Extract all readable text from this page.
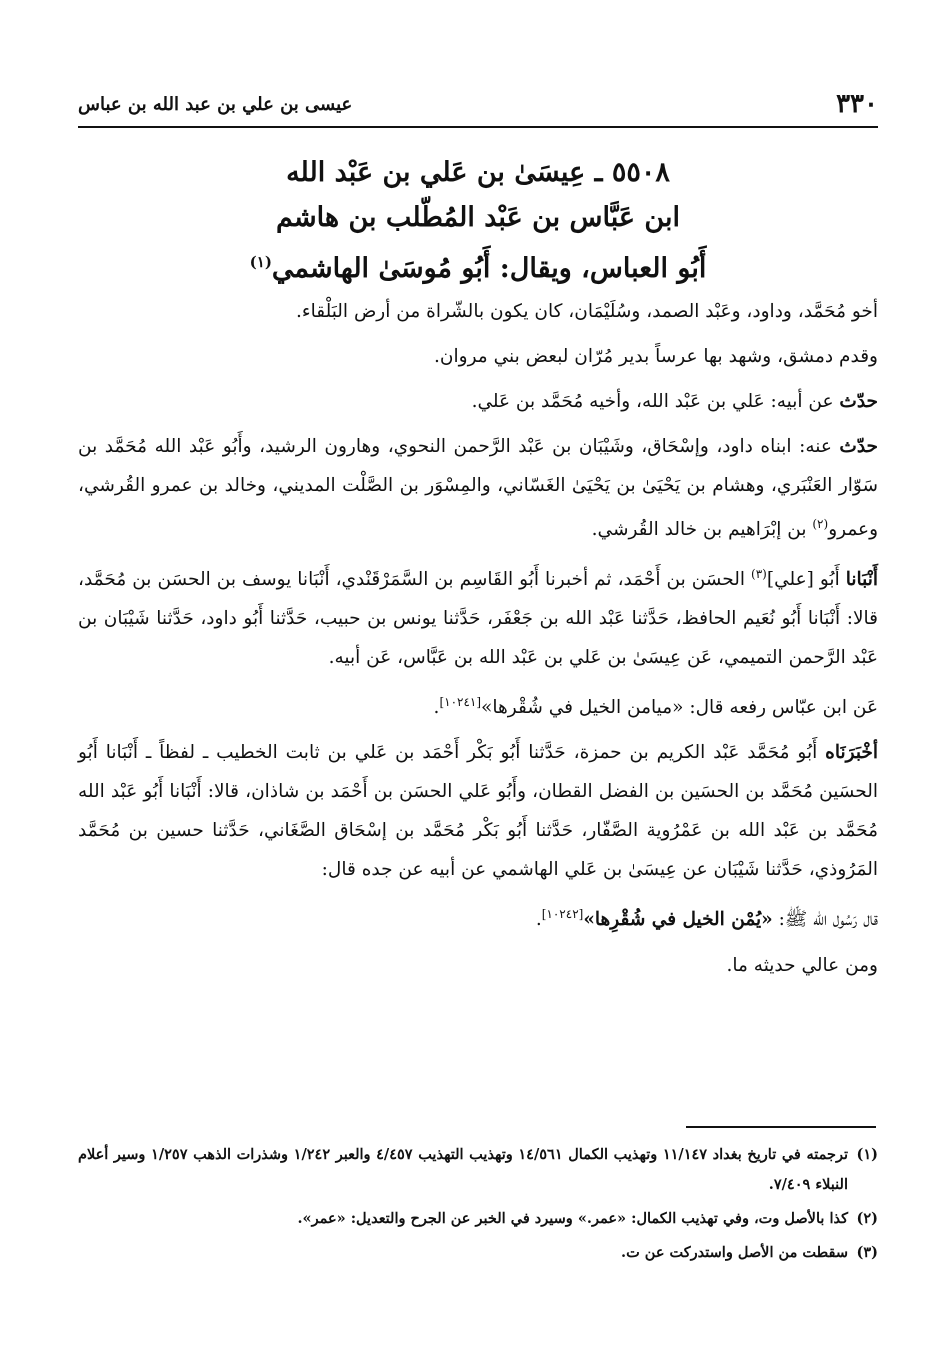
٣٣٠
عيسى بن علي بن عبد الله بن عباس
٥٥٠٨ ـ عِيسَىٰ بن عَلي بن عَبْد الله
ابن عَبَّاس بن عَبْد المُطّلب بن هاشم
أَبُو العباس، ويقال: أَبُو مُوسَىٰ الهاشمي$^{(١)}$

أخو مُحَمَّد، وداود، وعَبْد الصمد، وسُلَيْمَان، كان يكون بالشّراة من أرض البَلْقاء.

وقدم دمشق، وشهد بها عرساً بدير مُرّان لبعض بني مروان.

حدّث عن أبيه: عَلي بن عَبْد الله، وأخيه مُحَمَّد بن عَلي.

حدّث عنه: ابناه داود، وإسْحَاق، وشَيْبَان بن عَبْد الرَّحمن النحوي، وهارون الرشيد، وأَبُو عَبْد الله مُحَمَّد بن سَوّار العَنْبَري، وهشام بن يَحْيَىٰ بن يَحْيَىٰ الغَسّاني، والمِسْوَر بن الصَّلْت المديني، وخالد بن عمرو القُرشي، وعمرو$^{(٢)}$ بن إبْرَاهيم بن خالد القُرشي.

أَنْبَانا أَبُو [علي]$^{(٣)}$ الحسَن بن أَحْمَد، ثم أخبرنا أَبُو القَاسِم بن السَّمَرْقَنْدي، أَنْبَانا يوسف بن الحسَن بن مُحَمَّد، قالا: أَنْبَانا أَبُو نُعَيم الحافظ، حَدَّثنا عَبْد الله بن جَعْفَر، حَدَّثنا يونس بن حبيب، حَدَّثنا أَبُو داود، حَدَّثنا شَيْبَان بن عَبْد الرَّحمن التميمي، عَن عِيسَىٰ بن عَلي بن عَبْد الله بن عَبَّاس، عَن أبيه.

عَن ابن عبّاس رفعه قال: «ميامن الخيل في شُقْرها»[١٠٢٤١].

أخْبَرَنَاه أَبُو مُحَمَّد عَبْد الكريم بن حمزة، حَدَّثنا أَبُو بَكْر أَحْمَد بن عَلي بن ثابت الخطيب ـ لفظاً ـ أَنْبَانا أَبُو الحسَين مُحَمَّد بن الحسَين بن الفضل القطان، وأَبُو عَلي الحسَن بن أَحْمَد بن شاذان، قالا: أَنْبَانا أَبُو عَبْد الله مُحَمَّد بن عَبْد الله بن عَمْرُوية الصَّفّار، حَدَّثنا أَبُو بَكْر مُحَمَّد بن إسْحَاق الصَّغَاني، حَدَّثنا حسين بن مُحَمَّد المَرُوذي، حَدَّثنا شَيْبَان عن عِيسَىٰ بن عَلي الهاشمي عن أبيه عن جده قال:

قال رَسُول الله ﷺ: «يُمْن الخيل في شُقْرِها»[١٠٢٤٢].

ومن عالي حديثه ما.

(١)
ترجمته في تاريخ بغداد ١١/١٤٧ وتهذيب الكمال ١٤/٥٦١ وتهذيب التهذيب ٤/٤٥٧ والعبر ١/٢٤٢ وشذرات الذهب ١/٢٥٧ وسير أعلام النبلاء ٧/٤٠٩.
(٢)
كذا بالأصل وت، وفي تهذيب الكمال: «عمر.» وسيرد في الخبر عن الجرح والتعديل: «عمر».
(٣)
سقطت من الأصل واستدركت عن ت.
